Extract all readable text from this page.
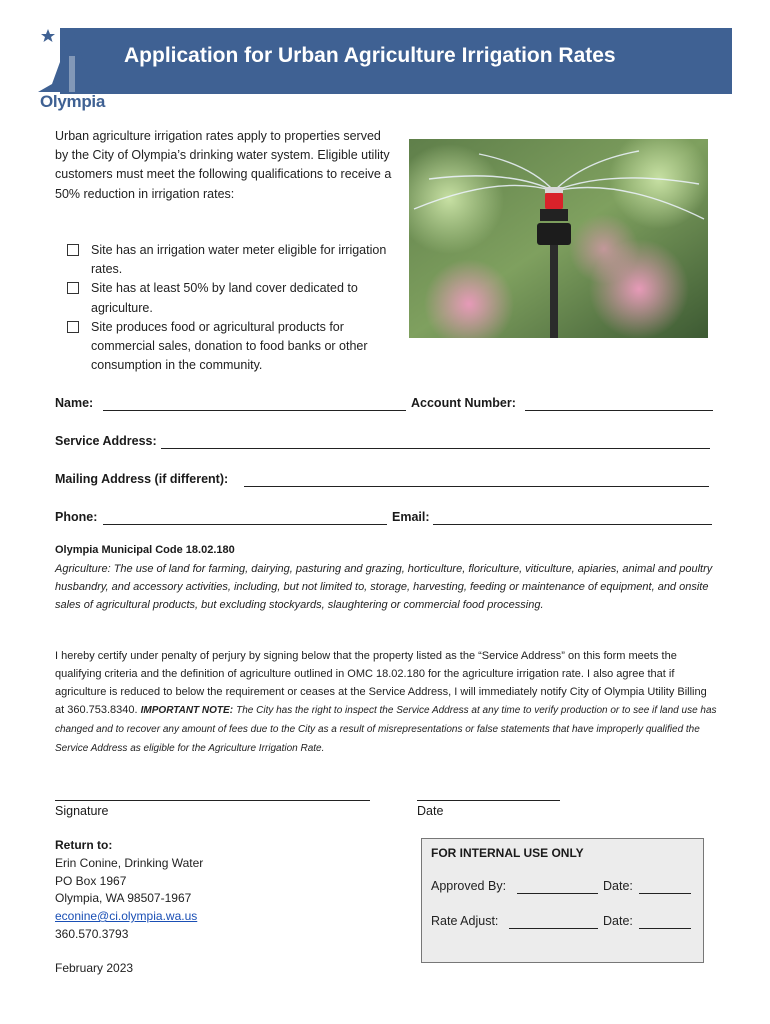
Application for Urban Agriculture Irrigation Rates
Olympia
Urban agriculture irrigation rates apply to properties served by the City of Olympia’s drinking water system. Eligible utility customers must meet the following qualifications to receive a 50% reduction in irrigation rates:
Site has an irrigation water meter eligible for irrigation rates.
Site has at least 50% by land cover dedicated to agriculture.
Site produces food or agricultural products for commercial sales, donation to food banks or other consumption in the community.
Name:	Account Number:
Service Address:
Mailing Address (if different):
Phone:	Email:
Olympia Municipal Code 18.02.180
Agriculture: The use of land for farming, dairying, pasturing and grazing, horticulture, floriculture, viticulture, apiaries, animal and poultry husbandry, and accessory activities, including, but not limited to, storage, harvesting, feeding or maintenance of equipment, and onsite sales of agricultural products, but excluding stockyards, slaughtering or commercial food processing.
I hereby certify under penalty of perjury by signing below that the property listed as the “Service Address” on this form meets the qualifying criteria and the definition of agriculture outlined in OMC 18.02.180 for the agriculture irrigation rate. I also agree that if agriculture is reduced to below the requirement or ceases at the Service Address, I will immediately notify City of Olympia Utility Billing at 360.753.8340. IMPORTANT NOTE: The City has the right to inspect the Service Address at any time to verify production or to see if land use has changed and to recover any amount of fees due to the City as a result of misrepresentations or false statements that have improperly qualified the Service Address as eligible for the Agriculture Irrigation Rate.
Signature	Date
Return to:
Erin Conine, Drinking Water
PO Box 1967
Olympia, WA 98507-1967
econine@ci.olympia.wa.us
360.570.3793
February 2023
FOR INTERNAL USE ONLY
Approved By:	Date:
Rate Adjust:	Date:
